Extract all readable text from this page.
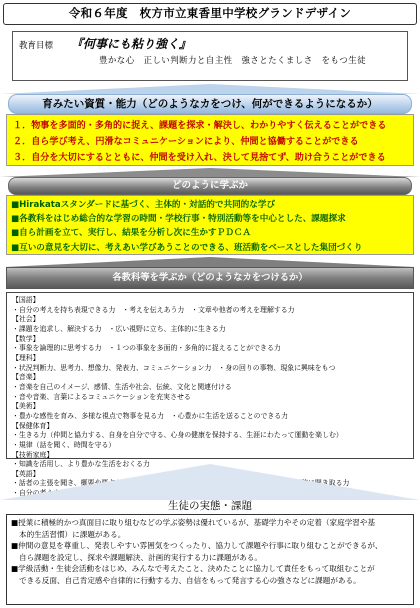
令和６年度　枚方市立東香里中学校グランドデザイン
教育目標 『何事にも粘り強く』
豊かな心　正しい判断力と自主性　強さとたくましさ　をもつ生徒
育みたい資質・能力（どのようなカをつけ、何ができるようになるか）
１．物事を多面的・多角的に捉え、課題を探求・解決し、わかりやすく伝えることができる
２．自ら学び考え、円滑なコミュニケーションにより、仲間と協働することができる
３．自分を大切にするとともに、仲間を受け入れ、決して見捨てず、助け合うことができる
どのように学ぶか
■Hirakataスタンダードに基づく、主体的・対話的で共同的な学び
■各教科をはじめ総合的な学習の時間・学校行事・特別活動等を中心とした、課題探求
■自ら計画を立て、実行し、結果を分析し次に生かすＰＤＣＡ
■互いの意見を大切に、考えあい学びあうことのできる、班活動をベースとした集団づくり
各教科等を学ぶか（どのようなカをつけるか）
【国語】
・自分の考えを持ち表現できる力　・考えを伝えあう力　・文章や他者の考えを理解する力
【社会】
・課題を追求し、解決する力　・広い視野に立ち、主体的に生きる力
【数学】
・事象を論理的に思考する力　・１つの事象を多面的・多角的に捉えることができる力
【理科】
・状況判断力、思考力、想像力、発表力、コミュニケーション力　・身の回りの事物、現象に興味をもつ
【音楽】
・音楽を自己のイメージ、感情、生活や社会、伝統、文化と関連付ける
・音や音楽、言葉によるコミュニケーションを充実させる
【美術】
・豊かな感性を育み、多様な視点で物事を見る力　・心豊かに生活を送ることのできる力
【保健体育】
・生きる力（仲間と協力する、自身を自分で守る、心身の健康を保持する、生涯にわたって運動を楽しむ）
・規律（話を聞く、時間を守る）
【技術家庭】
・知識を活用し、より豊かな生活をおくる力
【英語】
・話者の主張を聞き、概要や要点から、必要な情報を整理し、内容・話し手の考え・意向を正確に聞き取る力
・自分の考えをもち、英語で表現できる力
生徒の実態・課題

■授業に積極的かつ真面目に取り組むなどの学ぶ姿勢は優れているが、基礎学力やその定着（家庭学習や基
本的生活習慣）に課題がある。

■仲間の意見を尊重し、発表しやすい雰囲気をつくったり、協力して課題や行事に取り組むことができるが、
自ら課題を設定し、探求や課題解決、計画的実行する力に課題がある。

■学級活動・生徒会活動をはじめ、みんなで考えたこと、決めたことに協力して責任をもって取組むことが
できる反面、自己肯定感や自律的に行動する力、自信をもって発言する心の強さなどに課題がある。
